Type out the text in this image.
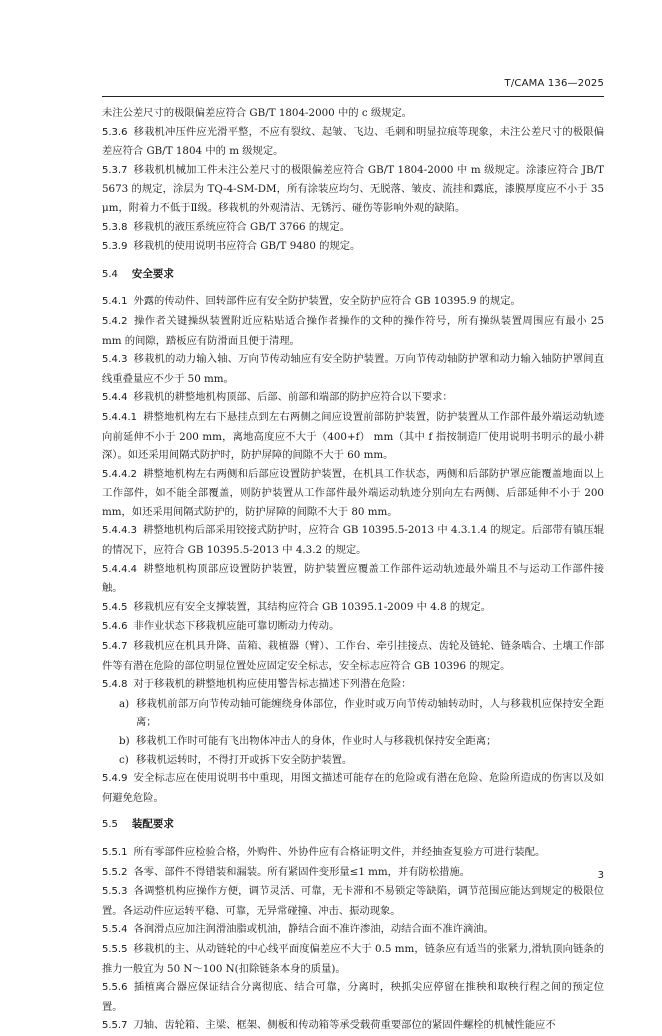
T/CAMA 136—2025

未注公差尺寸的极限偏差应符合 GB/T 1804-2000 中的 c 级规定。

5.3.6 移栽机冲压件应光滑平整，不应有裂纹、起皱、飞边、毛刺和明显拉痕等现象，未注公差尺寸的极限偏差应符合 GB/T 1804 中的 m 级规定。

5.3.7 移栽机机械加工件未注公差尺寸的极限偏差应符合 GB/T 1804-2000 中 m 级规定。涂漆应符合 JB/T 5673 的规定，涂层为 TQ-4-SM-DM，所有涂装应均匀、无脱落、皱皮、流挂和露底，漆膜厚度应不小于 35 μm，附着力不低于Ⅱ级。移栽机的外观清洁、无锈污、碰伤等影响外观的缺陷。

5.3.8 移栽机的液压系统应符合 GB/T 3766 的规定。

5.3.9 移栽机的使用说明书应符合 GB/T 9480 的规定。

5.4 安全要求

5.4.1 外露的传动件、回转部件应有安全防护装置，安全防护应符合 GB 10395.9 的规定。

5.4.2 操作者关键操纵装置附近应粘贴适合操作者操作的文种的操作符号，所有操纵装置周围应有最小 25 mm 的间隙，踏板应有防滑面且便于清理。

5.4.3 移栽机的动力输入轴、万向节传动轴应有安全防护装置。万向节传动轴防护罩和动力输入轴防护罩间直线重叠量应不少于 50 mm。

5.4.4 移栽机的耕整地机构顶部、后部、前部和端部的防护应符合以下要求：

5.4.4.1 耕整地机构左右下悬挂点到左右两侧之间应设置前部防护装置，防护装置从工作部件最外端运动轨迹向前延伸不小于 200 mm，离地高度应不大于（400+f） mm（其中 f 指按制造厂使用说明书明示的最小耕深）。如还采用间隔式防护时，防护屏障的间隙不大于 60 mm。

5.4.4.2 耕整地机构左右两侧和后部应设置防护装置，在机具工作状态，两侧和后部防护罩应能覆盖地面以上工作部件，如不能全部覆盖，则防护装置从工作部件最外端运动轨迹分别向左右两侧、后部延伸不小于 200 mm，如还采用间隔式防护的，防护屏障的间隙不大于 80 mm。

5.4.4.3 耕整地机构后部采用铰接式防护时，应符合 GB 10395.5-2013 中 4.3.1.4 的规定。后部带有镇压辊的情况下，应符合 GB 10395.5-2013 中 4.3.2 的规定。

5.4.4.4 耕整地机构顶部应设置防护装置，防护装置应覆盖工作部件运动轨迹最外端且不与运动工作部件接触。

5.4.5 移栽机应有安全支撑装置，其结构应符合 GB 10395.1-2009 中 4.8 的规定。

5.4.6 非作业状态下移栽机应能可靠切断动力传动。

5.4.7 移栽机应在机具升降、苗箱、栽植器（臂）、工作台、牵引挂接点、齿轮及链轮、链条啮合、土壤工作部件等有潜在危险的部位明显位置处应固定安全标志，安全标志应符合 GB 10396 的规定。

5.4.8 对于移栽机的耕整地机构应使用警告标志描述下列潜在危险：

a) 移栽机前部万向节传动轴可能缠绕身体部位，作业时或万向节传动轴转动时，人与移栽机应保持安全距离；

b) 移栽机工作时可能有飞出物体冲击人的身体，作业时人与移栽机保持安全距离；

c) 移栽机运转时，不得打开或拆下安全防护装置。

5.4.9 安全标志应在使用说明书中重现，用图文描述可能存在的危险或有潜在危险、危险所造成的伤害以及如何避免危险。

5.5 装配要求

5.5.1 所有零部件应检验合格，外购件、外协件应有合格证明文件，并经抽查复验方可进行装配。

5.5.2 各零、部件不得错装和漏装。所有紧固件变形量≤1 mm，并有防松措施。

5.5.3 各调整机构应操作方便，调节灵活、可靠，无卡滞和不易锁定等缺陷，调节范围应能达到规定的极限位置。各运动件应运转平稳、可靠，无异常碰撞、冲击、振动现象。

5.5.4 各润滑点应加注润滑油脂或机油，静结合面不准许渗油，动结合面不准许滴油。

5.5.5 移栽机的主、从动链轮的中心线平面度偏差应不大于 0.5 mm，链条应有适当的张紧力,滑轨顶向链条的推力一般宜为 50 N～100 N(扣除链条本身的质量)。

5.5.6 插植离合器应保证结合分离彻底、结合可靠，分离时，秧抓尖应停留在推秧和取秧行程之间的预定位置。

5.5.7 刀轴、齿轮箱、主梁、框架、侧板和传动箱等承受载荷重要部位的紧固件螺栓的机械性能应不

3
